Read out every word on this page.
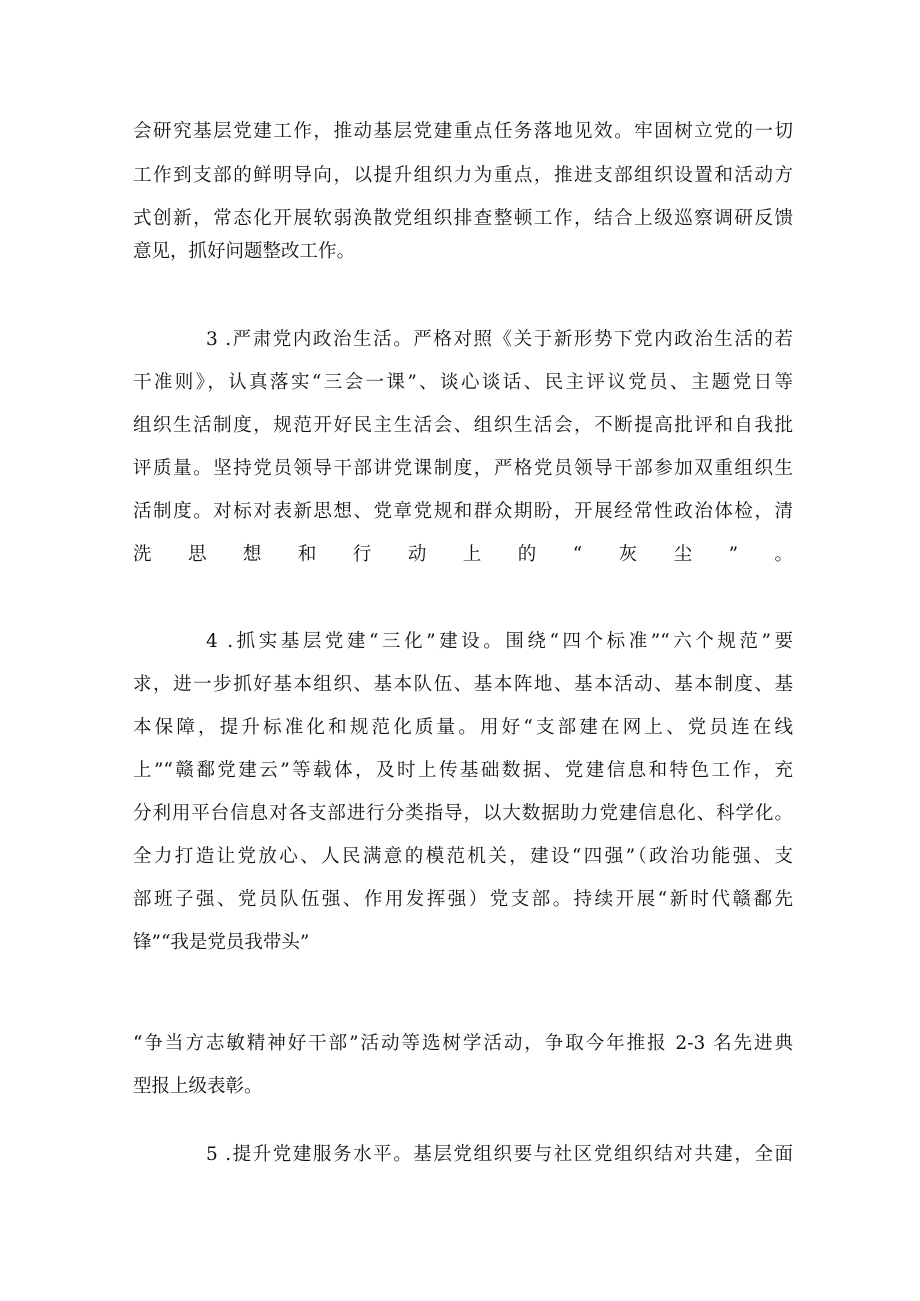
会研究基层党建工作，推动基层党建重点任务落地见效。牢固树立党的一切
工作到支部的鲜明导向，以提升组织力为重点，推进支部组织设置和活动方
式创新，常态化开展软弱涣散党组织排查整顿工作，结合上级巡察调研反馈
意见，抓好问题整改工作。
3 .严肃党内政治生活。严格对照《关于新形势下党内政治生活的若
干准则》，认真落实“三会一课”、谈心谈话、民主评议党员、主题党日等
组织生活制度，规范开好民主生活会、组织生活会，不断提高批评和自我批
评质量。坚持党员领导干部讲党课制度，严格党员领导干部参加双重组织生
活制度。对标对表新思想、党章党规和群众期盼，开展经常性政治体检，清
洗思想和行动上的“灰尘”。
4 .抓实基层党建“三化”建设。围绕“四个标准”“六个规范”要
求，进一步抓好基本组织、基本队伍、基本阵地、基本活动、基本制度、基
本保障，提升标准化和规范化质量。用好“支部建在网上、党员连在线
上”“赣鄱党建云”等载体，及时上传基础数据、党建信息和特色工作，充
分利用平台信息对各支部进行分类指导，以大数据助力党建信息化、科学化。
全力打造让党放心、人民满意的模范机关，建设“四强”（政治功能强、支
部班子强、党员队伍强、作用发挥强）党支部。持续开展“新时代赣鄱先
锋”“我是党员我带头”
“争当方志敏精神好干部”活动等选树学活动，争取今年推报 2-3 名先进典
型报上级表彰。
5 .提升党建服务水平。基层党组织要与社区党组织结对共建，全面
